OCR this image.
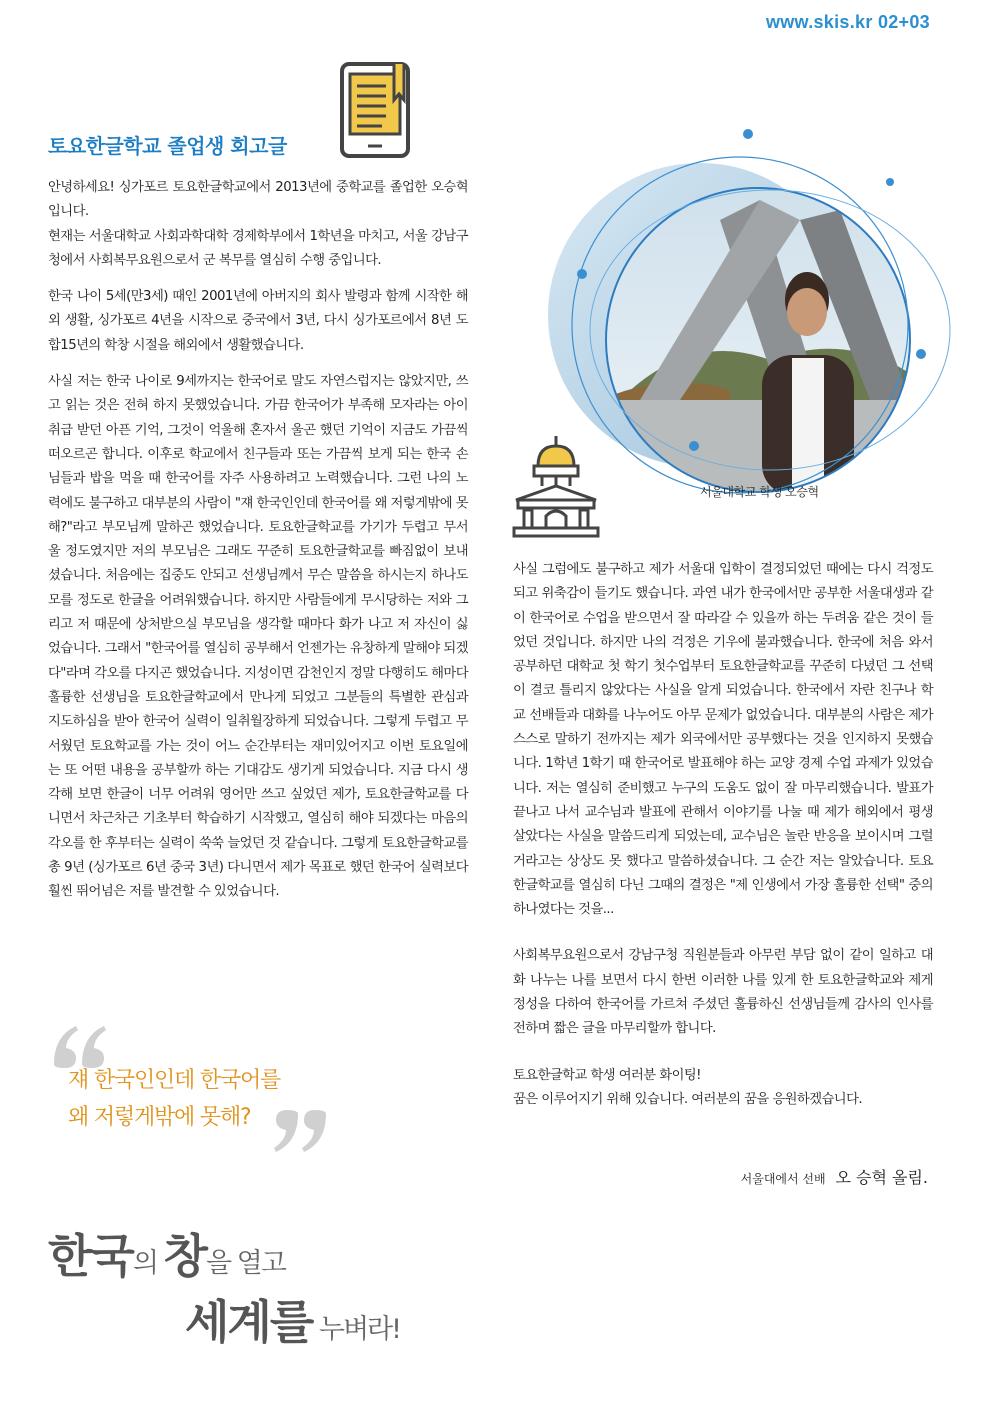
www.skis.kr 02+03
토요한글학교 졸업생 회고글

안녕하세요! 싱가포르 토요한글학교에서 2013년에 중학교를 졸업한 오승혁입니다.
현재는 서울대학교 사회과학대학 경제학부에서 1학년을 마치고, 서울 강남구청에서 사회복무요원으로서 군 복무를 열심히 수행 중입니다.

한국 나이 5세(만3세) 때인 2001년에 아버지의 회사 발령과 함께 시작한 해외 생활, 싱가포르 4년을 시작으로 중국에서 3년, 다시 싱가포르에서 8년 도합15년의 학창 시절을 해외에서 생활했습니다.

사실 저는 한국 나이로 9세까지는 한국어로 말도 자연스럽지는 않았지만, 쓰고 읽는 것은 전혀 하지 못했었습니다. 가끔 한국어가 부족해 모자라는 아이 취급 받던 아픈 기억, 그것이 억울해 혼자서 울곤 했던 기억이 지금도 가끔씩 떠오르곤 합니다. 이후로 학교에서 친구들과 또는 가끔씩 보게 되는 한국 손님들과 밥을 먹을 때 한국어를 자주 사용하려고 노력했습니다. 그런 나의 노력에도 불구하고 대부분의 사람이 "쟤 한국인인데 한국어를 왜 저렇게밖에 못해?"라고 부모님께 말하곤 했었습니다. 토요한글학교를 가기가 두렵고 무서울 정도였지만 저의 부모님은 그래도 꾸준히 토요한글학교를 빠짐없이 보내셨습니다. 처음에는 집중도 안되고 선생님께서 무슨 말씀을 하시는지 하나도 모를 정도로 한글을 어려워했습니다. 하지만 사람들에게 무시당하는 저와 그리고 저 때문에 상처받으실 부모님을 생각할 때마다 화가 나고 저 자신이 싫었습니다. 그래서 "한국어를 열심히 공부해서 언젠가는 유창하게 말해야 되겠다"라며 각오를 다지곤 했었습니다. 지성이면 감천인지 정말 다행히도 해마다 훌륭한 선생님을 토요한글학교에서 만나게 되었고 그분들의 특별한 관심과 지도하심을 받아 한국어 실력이 일취월장하게 되었습니다. 그렇게 두렵고 무서웠던 토요학교를 가는 것이 어느 순간부터는 재미있어지고 이번 토요일에는 또 어떤 내용을 공부할까 하는 기대감도 생기게 되었습니다. 지금 다시 생각해 보면 한글이 너무 어려워 영어만 쓰고 싶었던 제가, 토요한글학교를 다니면서 차근차근 기초부터 학습하기 시작했고, 열심히 해야 되겠다는 마음의 각오를 한 후부터는 실력이 쑥쑥 늘었던 것 같습니다. 그렇게 토요한글학교를 총 9년 (싱가포르 6년 중국 3년) 다니면서 제가 목표로 했던 한국어 실력보다 훨씬 뛰어넘은 저를 발견할 수 있었습니다.

서울대학교 학생 오승혁

사실 그럼에도 불구하고 제가 서울대 입학이 결정되었던 때에는 다시 걱정도 되고 위축감이 들기도 했습니다. 과연 내가 한국에서만 공부한 서울대생과 같이 한국어로 수업을 받으면서 잘 따라갈 수 있을까 하는 두려움 같은 것이 들었던 것입니다. 하지만 나의 걱정은 기우에 불과했습니다. 한국에 처음 와서 공부하던 대학교 첫 학기 첫수업부터 토요한글학교를 꾸준히 다녔던 그 선택이 결코 틀리지 않았다는 사실을 알게 되었습니다. 한국에서 자란 친구나 학교 선배들과 대화를 나누어도 아무 문제가 없었습니다. 대부분의 사람은 제가 스스로 말하기 전까지는 제가 외국에서만 공부했다는 것을 인지하지 못했습니다. 1학년 1학기 때 한국어로 발표해야 하는 교양 경제 수업 과제가 있었습니다. 저는 열심히 준비했고 누구의 도움도 없이 잘 마무리했습니다. 발표가 끝나고 나서 교수님과 발표에 관해서 이야기를 나눌 때 제가 해외에서 평생 살았다는 사실을 말씀드리게 되었는데, 교수님은 놀란 반응을 보이시며 그럴 거라고는 상상도 못 했다고 말씀하셨습니다. 그 순간 저는 알았습니다. 토요한글학교를 열심히 다닌 그때의 결정은 "제 인생에서 가장 훌륭한 선택" 중의 하나였다는 것을...

사회복무요원으로서 강남구청 직원분들과 아무런 부담 없이 같이 일하고 대화 나누는 나를 보면서 다시 한번 이러한 나를 있게 한 토요한글학교와 제게 정성을 다하여 한국어를 가르쳐 주셨던 훌륭하신 선생님들께 감사의 인사를 전하며 짧은 글을 마무리할까 합니다.

토요한글학교 학생 여러분 화이팅!
꿈은 이루어지기 위해 있습니다. 여러분의 꿈을 응원하겠습니다.

서울대에서 선배 오 승혁 올림.
쟤 한국인인데 한국어를
왜 저렇게밖에 못해?
한국의 창을 열고
세계를 누벼라!
